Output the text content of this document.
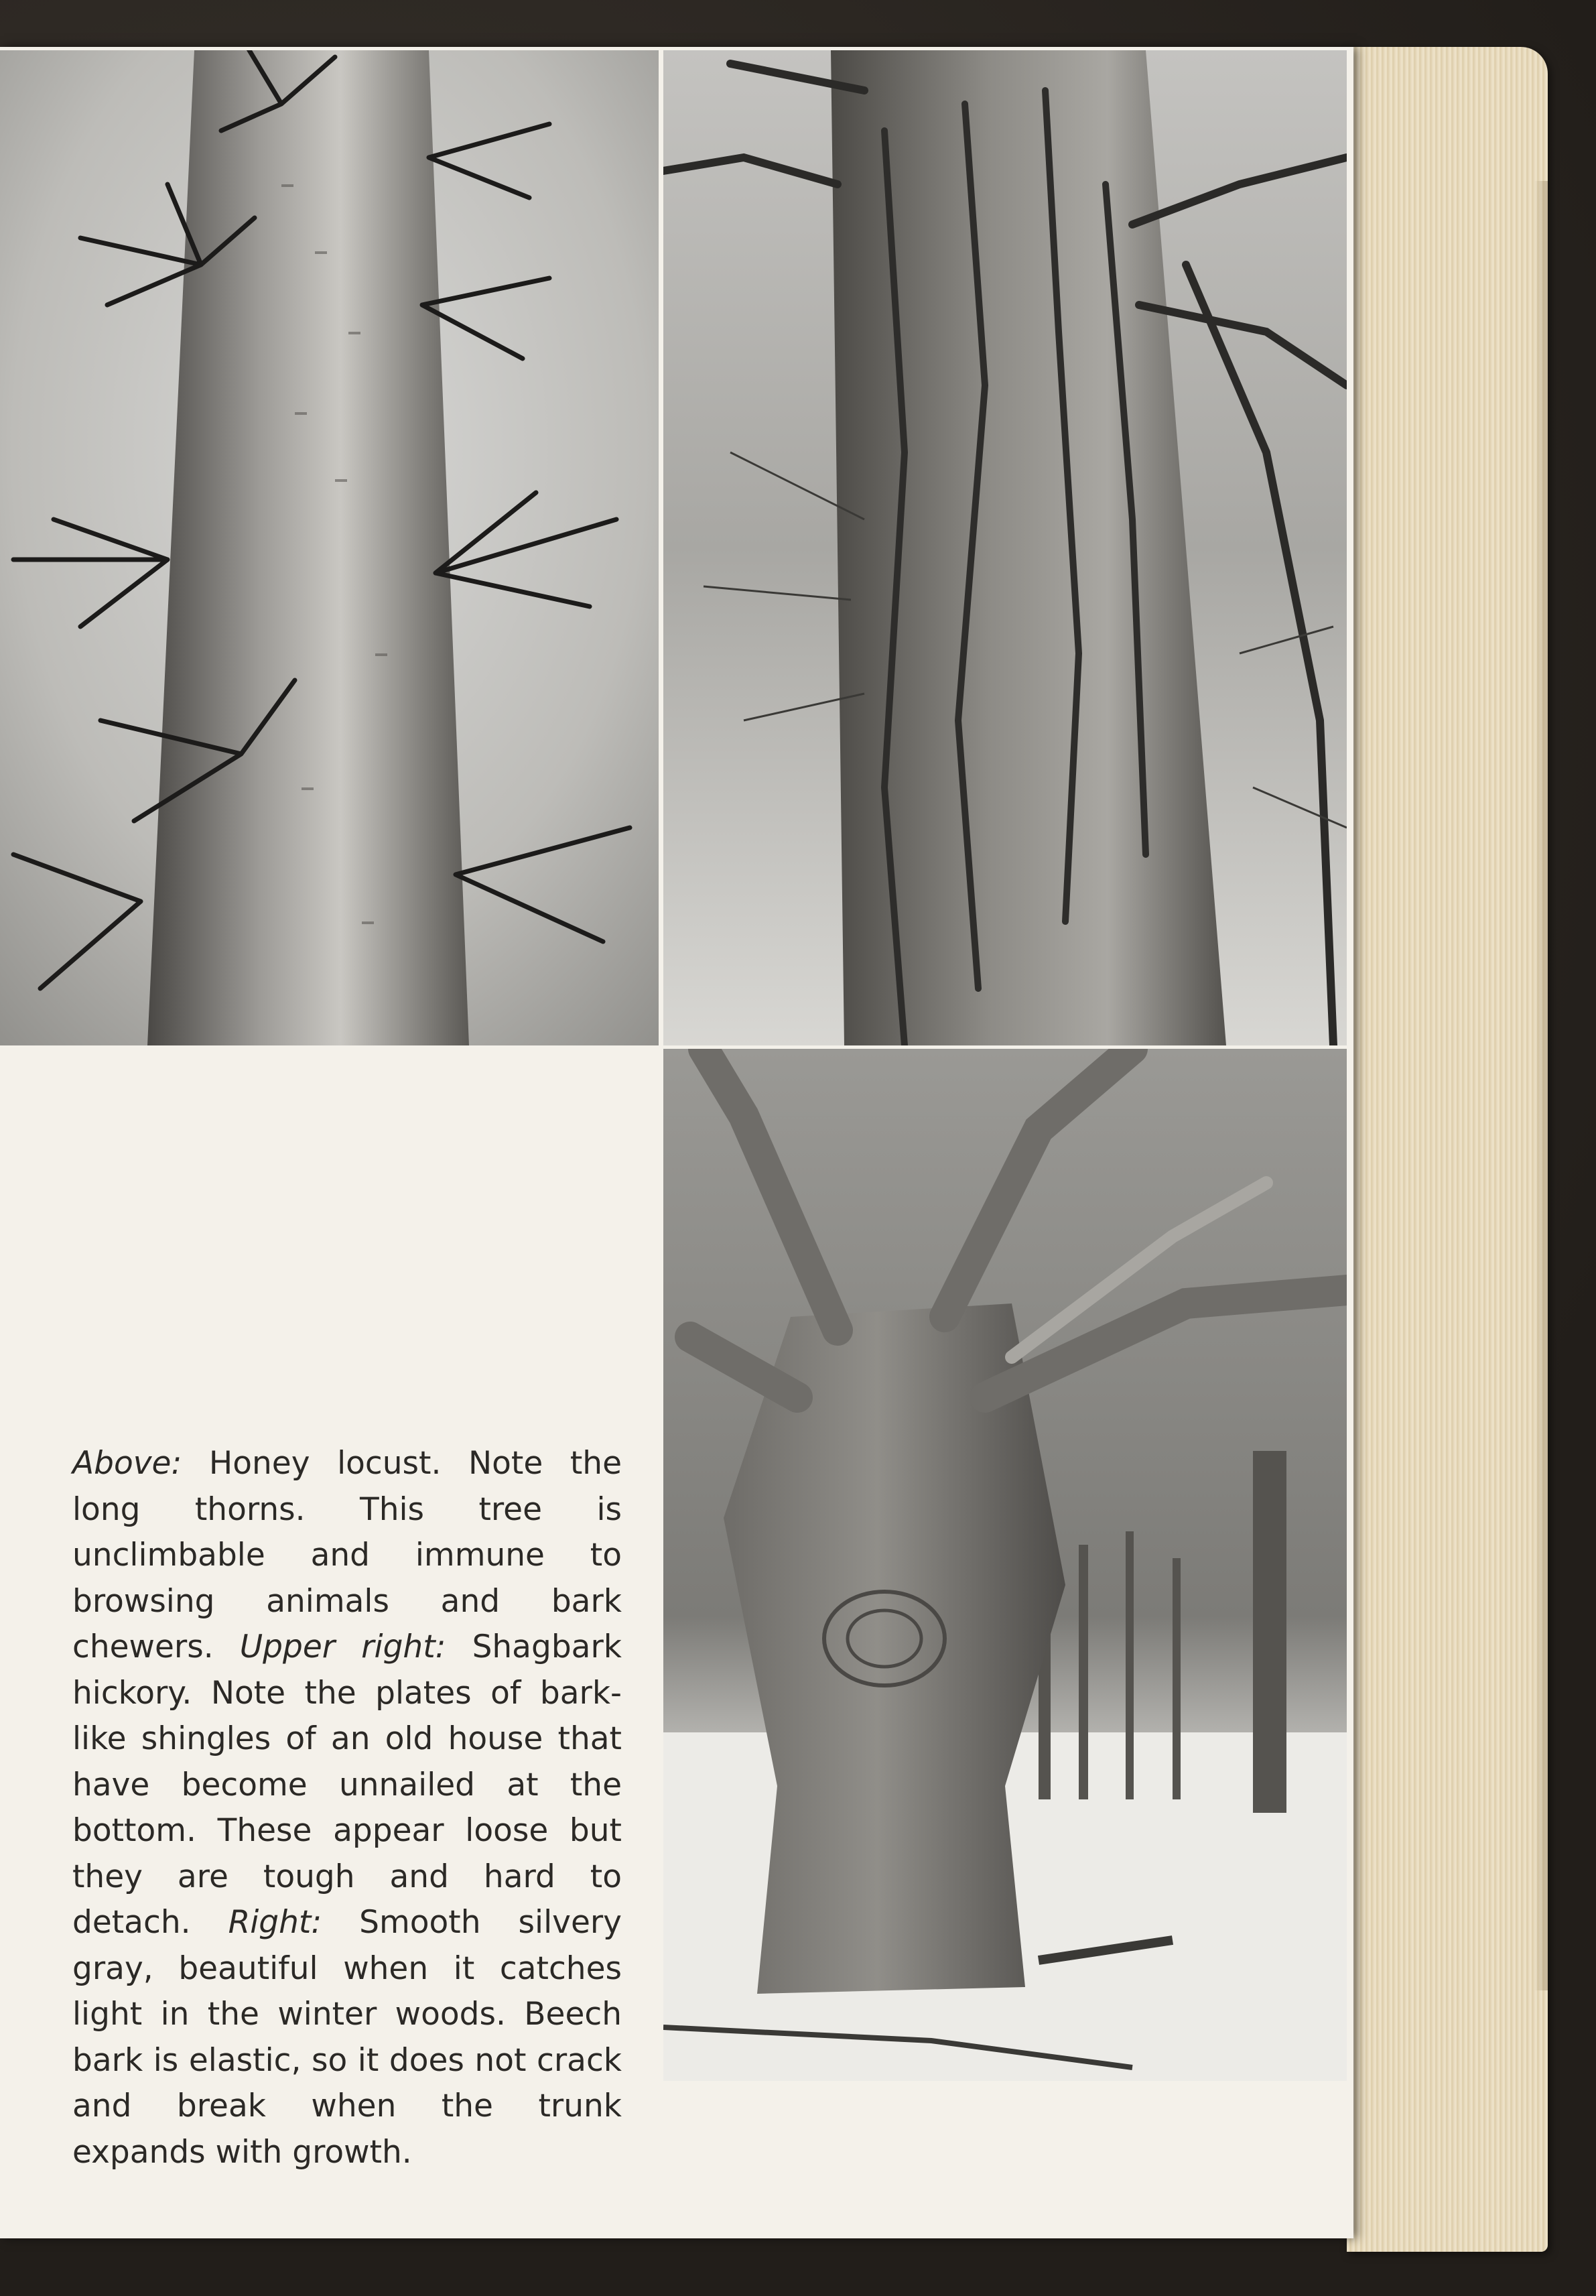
Above: Honey locust. Note the long thorns. This tree is unclimbable and immune to browsing animals and bark chewers. Upper right: Shagbark hickory. Note the plates of bark-like shingles of an old house that have become unnailed at the bottom. These appear loose but they are tough and hard to detach. Right: Smooth silvery gray, beautiful when it catches light in the winter woods. Beech bark is elastic, so it does not crack and break when the trunk expands with growth.
